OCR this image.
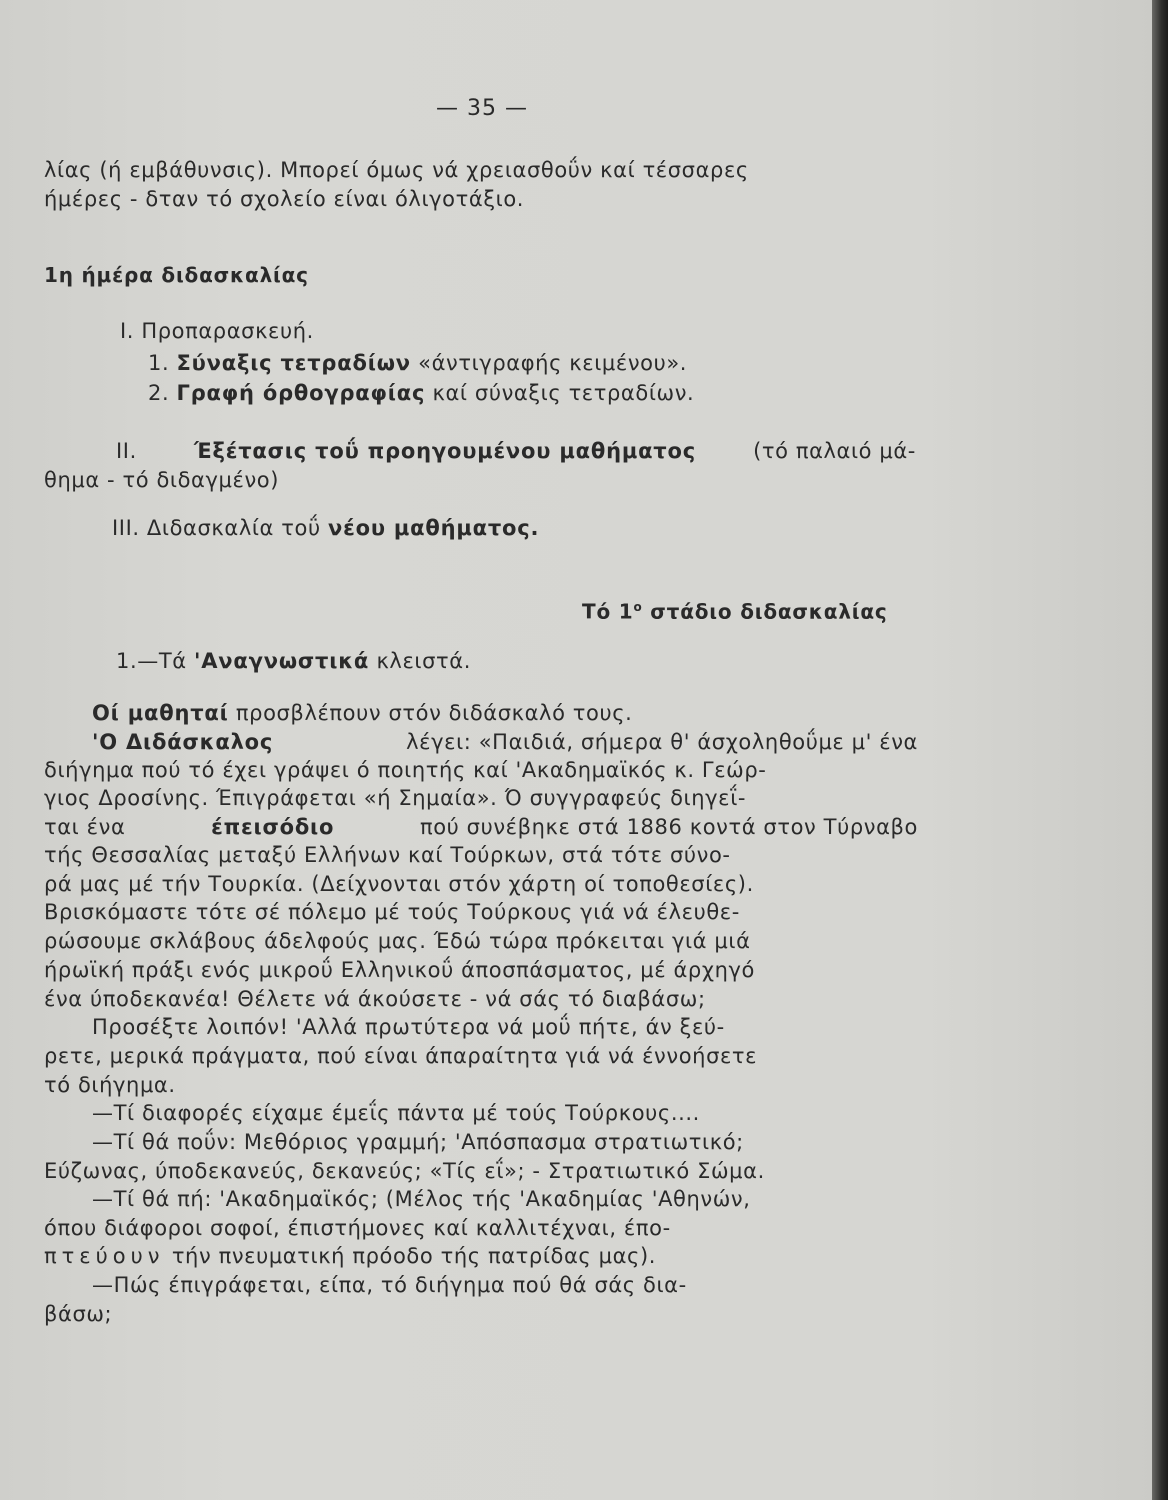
— 35 —
λίας (ή εμβάθυνσις). Μπορεί όμως νά χρειασθοΰν καί τέσσαρες
ήμέρες - δταν τό σχολείο είναι όλιγοτάξιο.
1η ήμέρα διδασκαλίας
I. Προπαρασκευή.
1. Σύναξις τετραδίων «άντιγραφής κειμένου».
2. Γραφή όρθογραφίας καί σύναξις τετραδίων.
II.	Έξέτασις τοΰ προηγουμένου μαθήματος	(τό παλαιό μά-
θημα - τό διδαγμένο)
III. Διδασκαλία τοΰ νέου μαθήματος.
Τό $1^o$ στάδιο διδασκαλίας
1.—Τά 'Αναγνωστικά κλειστά.
Οί μαθηταί προσβλέπουν στόν διδάσκαλό τους.
'Ο Διδάσκαλος	λέγει: «Παιδιά, σήμερα θ' άσχοληθοΰμε μ' ένα
διήγημα πού τό έχει γράψει ό ποιητής καί 'Ακαδημαϊκός κ. Γεώρ-
γιος Δροσίνης. Έπιγράφεται «ή Σημαία». Ό συγγραφεύς διηγεΐ-
ται ένα	έπεισόδιο	πού συνέβηκε στά 1886 κοντά στον Τύρναβο
τής Θεσσαλίας μεταξύ Ελλήνων καί Τούρκων, στά τότε σύνο-
ρά μας μέ τήν Τουρκία. (Δείχνονται στόν χάρτη οί τοποθεσίες).
Βρισκόμαστε τότε σέ πόλεμο μέ τούς Τούρκους γιά νά έλευθε-
ρώσουμε σκλάβους άδελφούς μας. Έδώ τώρα πρόκειται γιά μιά
ήρωϊκή πράξι ενός μικροΰ Ελληνικοΰ άποσπάσματος, μέ άρχηγό
ένα ύποδεκανέα! Θέλετε νά άκούσετε - νά σάς τό διαβάσω;
Προσέξτε λοιπόν! 'Αλλά πρωτύτερα νά μοΰ πήτε, άν ξεύ-
ρετε, μερικά πράγματα, πού είναι άπαραίτητα γιά νά έννοήσετε
τό διήγημα.
—Τί διαφορές είχαμε έμεΐς πάντα μέ τούς Τούρκους....
—Τί θά ποΰν: Μεθόριος γραμμή; 'Απόσπασμα στρατιωτικό;
Εύζωνας, ύποδεκανεύς, δεκανεύς; «Τίς εΐ»; - Στρατιωτικό Σώμα.
—Τί θά πή: 'Ακαδημαϊκός; (Μέλος τής 'Ακαδημίας 'Αθηνών,
όπου διάφοροι σοφοί, έπιστήμονες καί καλλιτέχναι, έπο-
πτεύουν τήν πνευματική πρόοδο τής πατρίδας μας).
—Πώς έπιγράφεται, είπα, τό διήγημα πού θά σάς δια-
βάσω;
